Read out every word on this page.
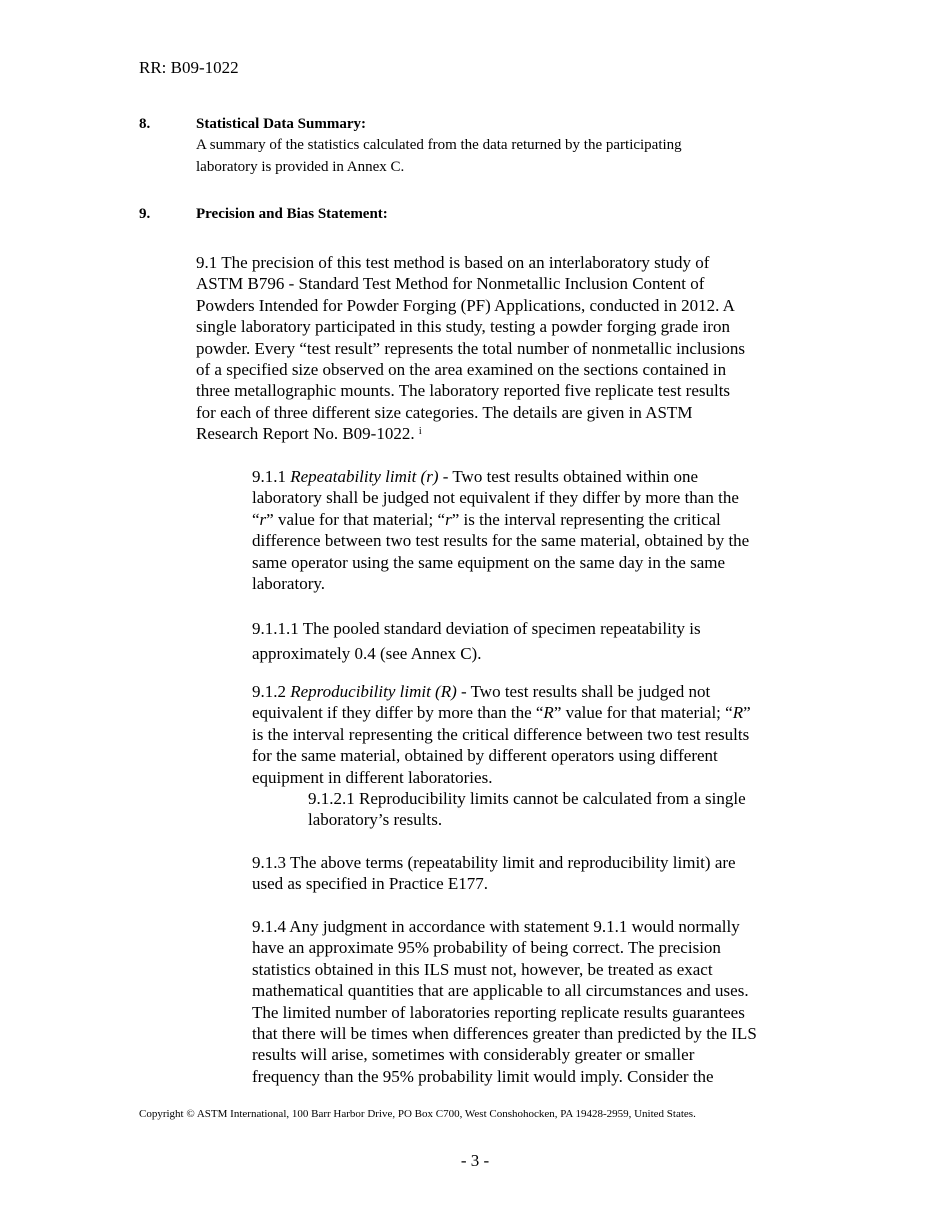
RR: B09-1022
8.	Statistical Data Summary:
A summary of the statistics calculated from the data returned by the participating
laboratory is provided in Annex C.
9.	Precision and Bias Statement:
9.1 The precision of this test method is based on an interlaboratory study of
ASTM B796 - Standard Test Method for Nonmetallic Inclusion Content of
Powders Intended for Powder Forging (PF) Applications, conducted in 2012. A
single laboratory participated in this study, testing a powder forging grade iron
powder. Every “test result” represents the total number of nonmetallic inclusions
of a specified size observed on the area examined on the sections contained in
three metallographic mounts. The laboratory reported five replicate test results
for each of three different size categories. The details are given in ASTM
Research Report No. B09-1022. $^i$
9.1.1 Repeatability limit (r) - Two test results obtained within one
laboratory shall be judged not equivalent if they differ by more than the
“r” value for that material; “r” is the interval representing the critical
difference between two test results for the same material, obtained by the
same operator using the same equipment on the same day in the same
laboratory.
9.1.1.1 The pooled standard deviation of specimen repeatability is
approximately 0.4 (see Annex C).
9.1.2 Reproducibility limit (R) - Two test results shall be judged not
equivalent if they differ by more than the “R” value for that material; “R”
is the interval representing the critical difference between two test results
for the same material, obtained by different operators using different
equipment in different laboratories.
9.1.2.1 Reproducibility limits cannot be calculated from a single
laboratory’s results.
9.1.3 The above terms (repeatability limit and reproducibility limit) are
used as specified in Practice E177.
9.1.4 Any judgment in accordance with statement 9.1.1 would normally
have an approximate 95% probability of being correct. The precision
statistics obtained in this ILS must not, however, be treated as exact
mathematical quantities that are applicable to all circumstances and uses.
The limited number of laboratories reporting replicate results guarantees
that there will be times when differences greater than predicted by the ILS
results will arise, sometimes with considerably greater or smaller
frequency than the 95% probability limit would imply. Consider the
Copyright © ASTM International, 100 Barr Harbor Drive, PO Box C700, West Conshohocken, PA 19428-2959, United States.
- 3 -
